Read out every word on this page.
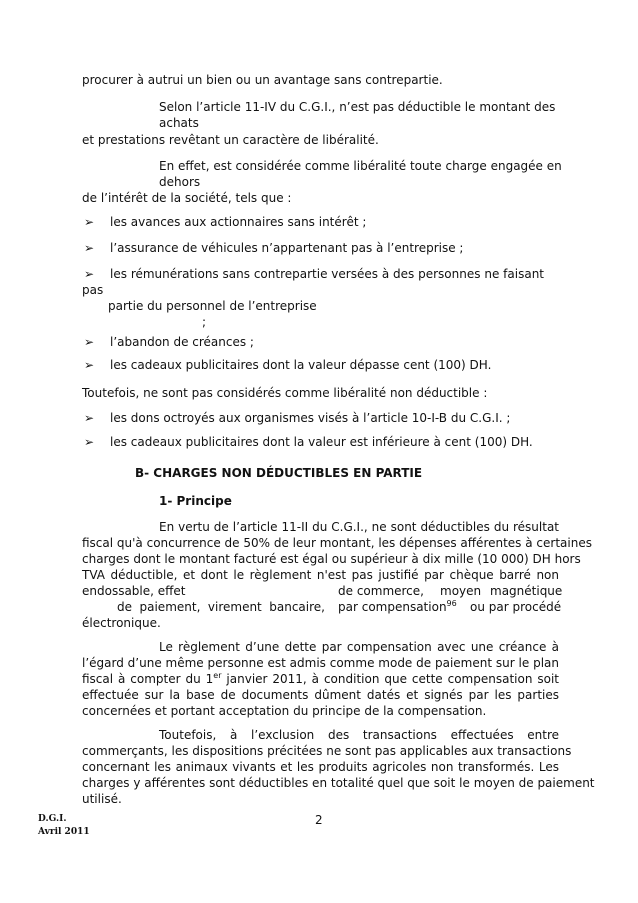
procurer à autrui un bien ou un avantage sans contrepartie.
Selon l’article 11-IV du C.G.I., n’est pas déductible le montant des
achats
et prestations revêtant un caractère de libéralité.
En effet, est considérée comme libéralité toute charge engagée en
dehors
de l’intérêt de la société, tels que :
➢ les avances aux actionnaires sans intérêt ;
➢ l’assurance de véhicules n’appartenant pas à l’entreprise ;
➢ les rémunérations sans contrepartie versées à des personnes ne faisant
pas
partie du personnel de l’entreprise
;
➢ l’abandon de créances ;
➢ les cadeaux publicitaires dont la valeur dépasse cent (100) DH.
Toutefois, ne sont pas considérés comme libéralité non déductible :
➢ les dons octroyés aux organismes visés à l’article 10-I-B du C.G.I. ;
➢ les cadeaux publicitaires dont la valeur est inférieure à cent (100) DH.
B- CHARGES NON DÉDUCTIBLES EN PARTIE
1- Principe
En vertu de l’article 11-II du C.G.I., ne sont déductibles du résultat
fiscal qu'à concurrence de 50% de leur montant, les dépenses afférentes à certaines
charges dont le montant facturé est égal ou supérieur à dix mille (10 000) DH hors
TVA déductible, et dont le règlement n'est pas justifié par chèque barré non
endossable, effet	de commerce, moyen magnétique
de paiement, virement bancaire, par compensation$^{96}$ ou par procédé
électronique.
Le règlement d’une dette par compensation avec une créance à
l’égard d’une même personne est admis comme mode de paiement sur le plan
fiscal à compter du 1er janvier 2011, à condition que cette compensation soit
effectuée sur la base de documents dûment datés et signés par les parties
concernées et portant acceptation du principe de la compensation.
Toutefois, à l’exclusion des transactions effectuées entre
commerçants, les dispositions précitées ne sont pas applicables aux transactions
concernant les animaux vivants et les produits agricoles non transformés. Les
charges y afférentes sont déductibles en totalité quel que soit le moyen de paiement
utilisé.
D.G.I.
Avril 2011
2
